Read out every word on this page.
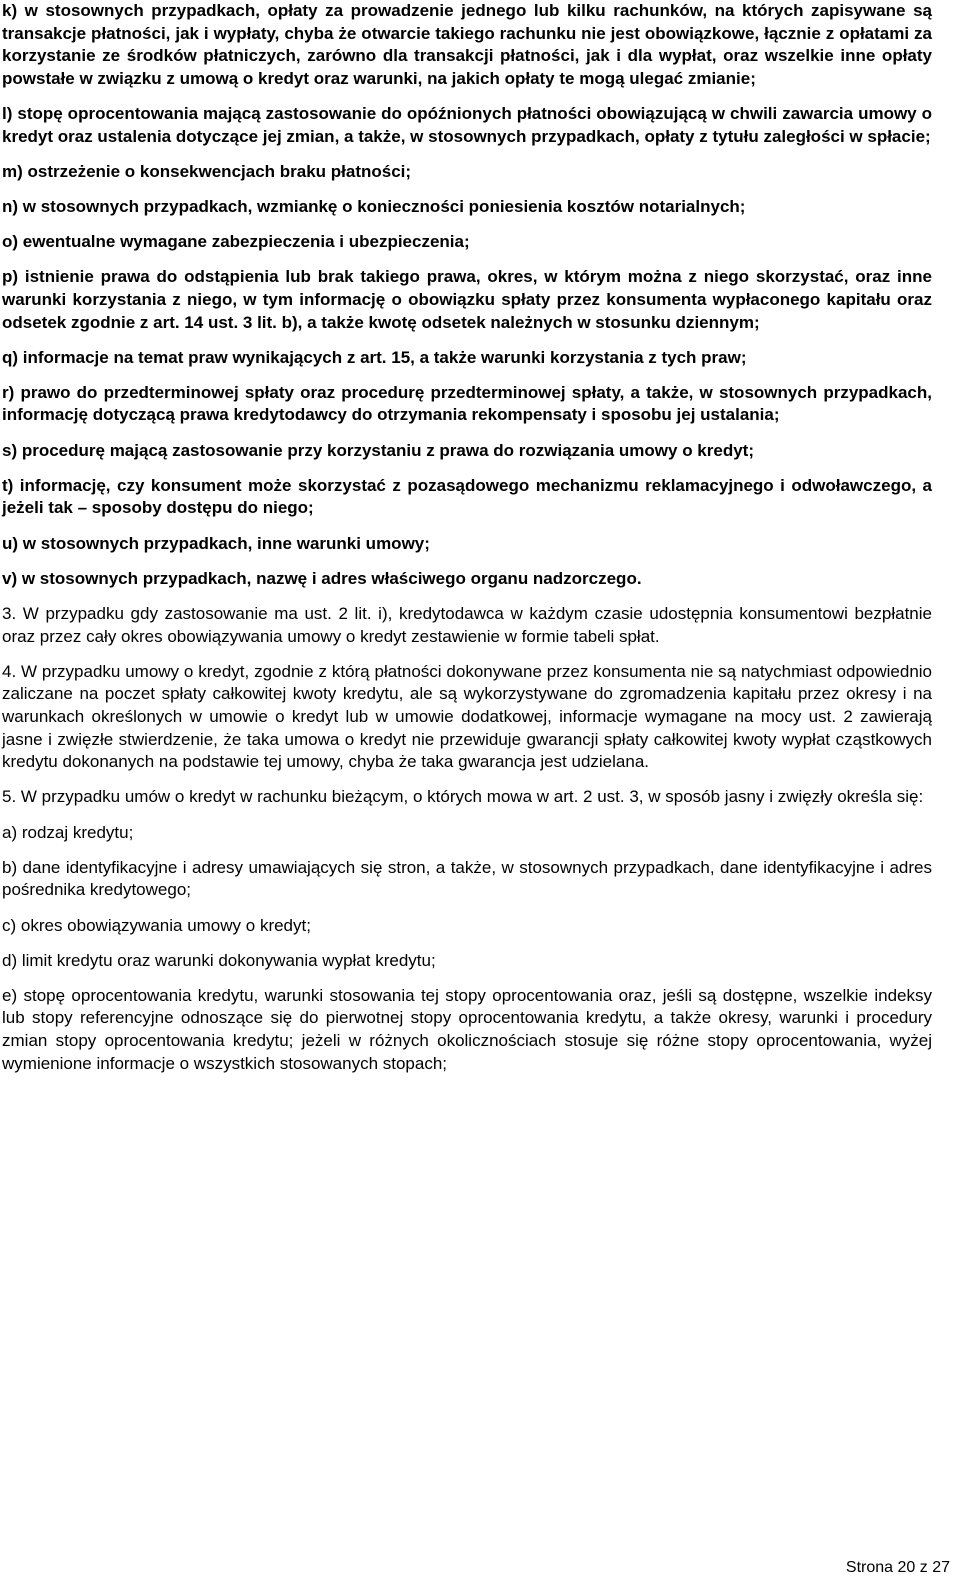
k) w stosownych przypadkach, opłaty za prowadzenie jednego lub kilku rachunków, na których zapisywane są transakcje płatności, jak i wypłaty, chyba że otwarcie takiego rachunku nie jest obowiązkowe, łącznie z opłatami za korzystanie ze środków płatniczych, zarówno dla transakcji płatności, jak i dla wypłat, oraz wszelkie inne opłaty powstałe w związku z umową o kredyt oraz warunki, na jakich opłaty te mogą ulegać zmianie;

l) stopę oprocentowania mającą zastosowanie do opóźnionych płatności obowiązującą w chwili zawarcia umowy o kredyt oraz ustalenia dotyczące jej zmian, a także, w stosownych przypadkach, opłaty z tytułu zaległości w spłacie;

m) ostrzeżenie o konsekwencjach braku płatności;

n) w stosownych przypadkach, wzmiankę o konieczności poniesienia kosztów notarialnych;

o) ewentualne wymagane zabezpieczenia i ubezpieczenia;

p) istnienie prawa do odstąpienia lub brak takiego prawa, okres, w którym można z niego skorzystać, oraz inne warunki korzystania z niego, w tym informację o obowiązku spłaty przez konsumenta wypłaconego kapitału oraz odsetek zgodnie z art. 14 ust. 3 lit. b), a także kwotę odsetek należnych w stosunku dziennym;

q) informacje na temat praw wynikających z art. 15, a także warunki korzystania z tych praw;

r) prawo do przedterminowej spłaty oraz procedurę przedterminowej spłaty, a także, w stosownych przypadkach, informację dotyczącą prawa kredytodawcy do otrzymania rekompensaty i sposobu jej ustalania;

s) procedurę mającą zastosowanie przy korzystaniu z prawa do rozwiązania umowy o kredyt;

t) informację, czy konsument może skorzystać z pozasądowego mechanizmu reklamacyjnego i odwoławczego, a jeżeli tak – sposoby dostępu do niego;

u) w stosownych przypadkach, inne warunki umowy;

v) w stosownych przypadkach, nazwę i adres właściwego organu nadzorczego.

3. W przypadku gdy zastosowanie ma ust. 2 lit. i), kredytodawca w każdym czasie udostępnia konsumentowi bezpłatnie oraz przez cały okres obowiązywania umowy o kredyt zestawienie w formie tabeli spłat.

4. W przypadku umowy o kredyt, zgodnie z którą płatności dokonywane przez konsumenta nie są natychmiast odpowiednio zaliczane na poczet spłaty całkowitej kwoty kredytu, ale są wykorzystywane do zgromadzenia kapitału przez okresy i na warunkach określonych w umowie o kredyt lub w umowie dodatkowej, informacje wymagane na mocy ust. 2 zawierają jasne i zwięzłe stwierdzenie, że taka umowa o kredyt nie przewiduje gwarancji spłaty całkowitej kwoty wypłat cząstkowych kredytu dokonanych na podstawie tej umowy, chyba że taka gwarancja jest udzielana.

5. W przypadku umów o kredyt w rachunku bieżącym, o których mowa w art. 2 ust. 3, w sposób jasny i zwięzły określa się:

a) rodzaj kredytu;

b) dane identyfikacyjne i adresy umawiających się stron, a także, w stosownych przypadkach, dane identyfikacyjne i adres pośrednika kredytowego;

c) okres obowiązywania umowy o kredyt;

d) limit kredytu oraz warunki dokonywania wypłat kredytu;

e) stopę oprocentowania kredytu, warunki stosowania tej stopy oprocentowania oraz, jeśli są dostępne, wszelkie indeksy lub stopy referencyjne odnoszące się do pierwotnej stopy oprocentowania kredytu, a także okresy, warunki i procedury zmian stopy oprocentowania kredytu; jeżeli w różnych okolicznościach stosuje się różne stopy oprocentowania, wyżej wymienione informacje o wszystkich stosowanych stopach;

Strona 20 z 27
